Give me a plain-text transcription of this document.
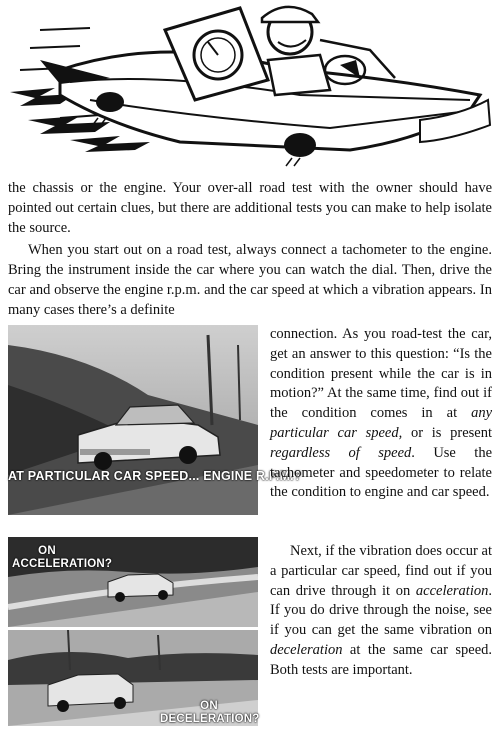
the chassis or the engine. Your over-all road test with the owner should have pointed out certain clues, but there are additional tests you can make to help isolate the source.

When you start out on a road test, always connect a tachometer to the engine. Bring the instrument inside the car where you can watch the dial. Then, drive the car and observe the engine r.p.m. and the car speed at which a vibration appears. In many cases there’s a definite

AT PARTICULAR CAR SPEED... ENGINE R.P.M.?

connection. As you road-test the car, get an answer to this question: “Is the condition present while the car is in motion?” At the same time, find out if the condition comes in at any particular car speed, or is present regardless of speed. Use the tachometer and speedometer to relate the condition to engine and car speed.

ON
ACCELERATION?
ON
DECELERATION?

Next, if the vibration does occur at a particular car speed, find out if you can drive through it on acceleration. If you do drive through the noise, see if you can get the same vibration on deceleration at the same car speed. Both tests are important.
